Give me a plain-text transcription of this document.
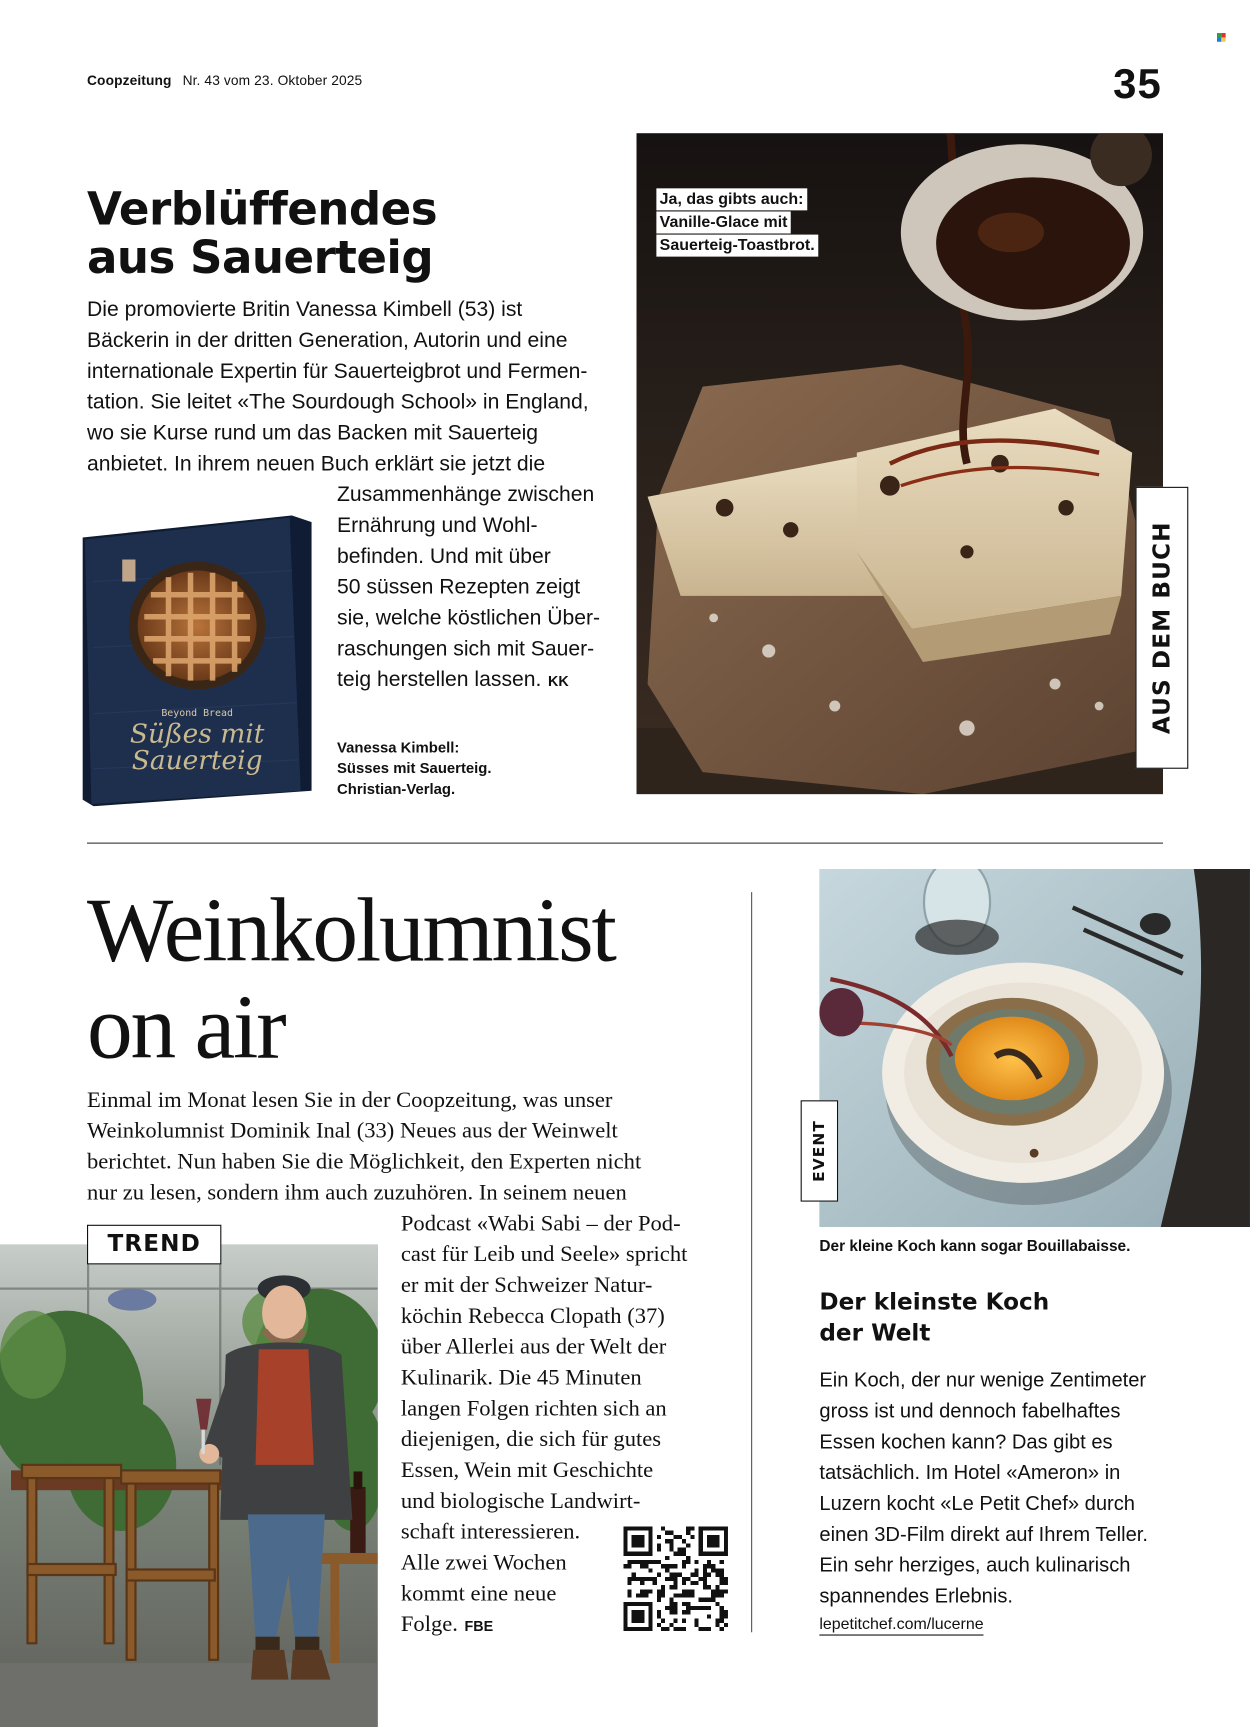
Coopzeitung Nr. 43 vom 23. Oktober 2025	35
Verblüffendes
aus Sauerteig
Die promovierte Britin Vanessa Kimbell (53) ist
Bäckerin in der dritten Generation, Autorin und eine
internationale Expertin für Sauerteigbrot und Fermen-
tation. Sie leitet «The Sourdough School» in England,
wo sie Kurse rund um das Backen mit Sauerteig
anbietet. In ihrem neuen Buch erklärt sie jetzt die
Zusammenhänge zwischen
Ernährung und Wohl-
befinden. Und mit über
50 süssen Rezepten zeigt
sie, welche köstlichen Über-
raschungen sich mit Sauer-
teig herstellen lassen. KK
Beyond Bread
Süßes mit
Sauerteig	Vanessa Kimbell:
Süsses mit Sauerteig.
Christian-Verlag.
Ja, das gibts auch:
Vanille-Glace mit
Sauerteig-Toastbrot.
AUS DEM BUCH
Weinkolumnist
on air
Einmal im Monat lesen Sie in der Coopzeitung, was unser
Weinkolumnist Dominik Inal (33) Neues aus der Weinwelt
berichtet. Nun haben Sie die Möglichkeit, den Experten nicht
nur zu lesen, sondern ihm auch zuzuhören. In seinem neuen
TREND
Podcast «Wabi Sabi – der Pod-
cast für Leib und Seele» spricht
er mit der Schweizer Natur-
köchin Rebecca Clopath (37)
über Allerlei aus der Welt der
Kulinarik. Die 45 Minuten
langen Folgen richten sich an
diejenigen, die sich für gutes
Essen, Wein mit Geschichte
und biologische Landwirt-
schaft interessieren.
Alle zwei Wochen
kommt eine neue
Folge. FBE
EVENT
Der kleine Koch kann sogar Bouillabaisse.
Der kleinste Koch
der Welt
Ein Koch, der nur wenige Zentimeter
gross ist und dennoch fabelhaftes
Essen kochen kann? Das gibt es
tatsächlich. Im Hotel «Ameron» in
Luzern kocht «Le Petit Chef» durch
einen 3D-Film direkt auf Ihrem Teller.
Ein sehr herziges, auch kulinarisch
spannendes Erlebnis.
lepetitchef.com/lucerne
